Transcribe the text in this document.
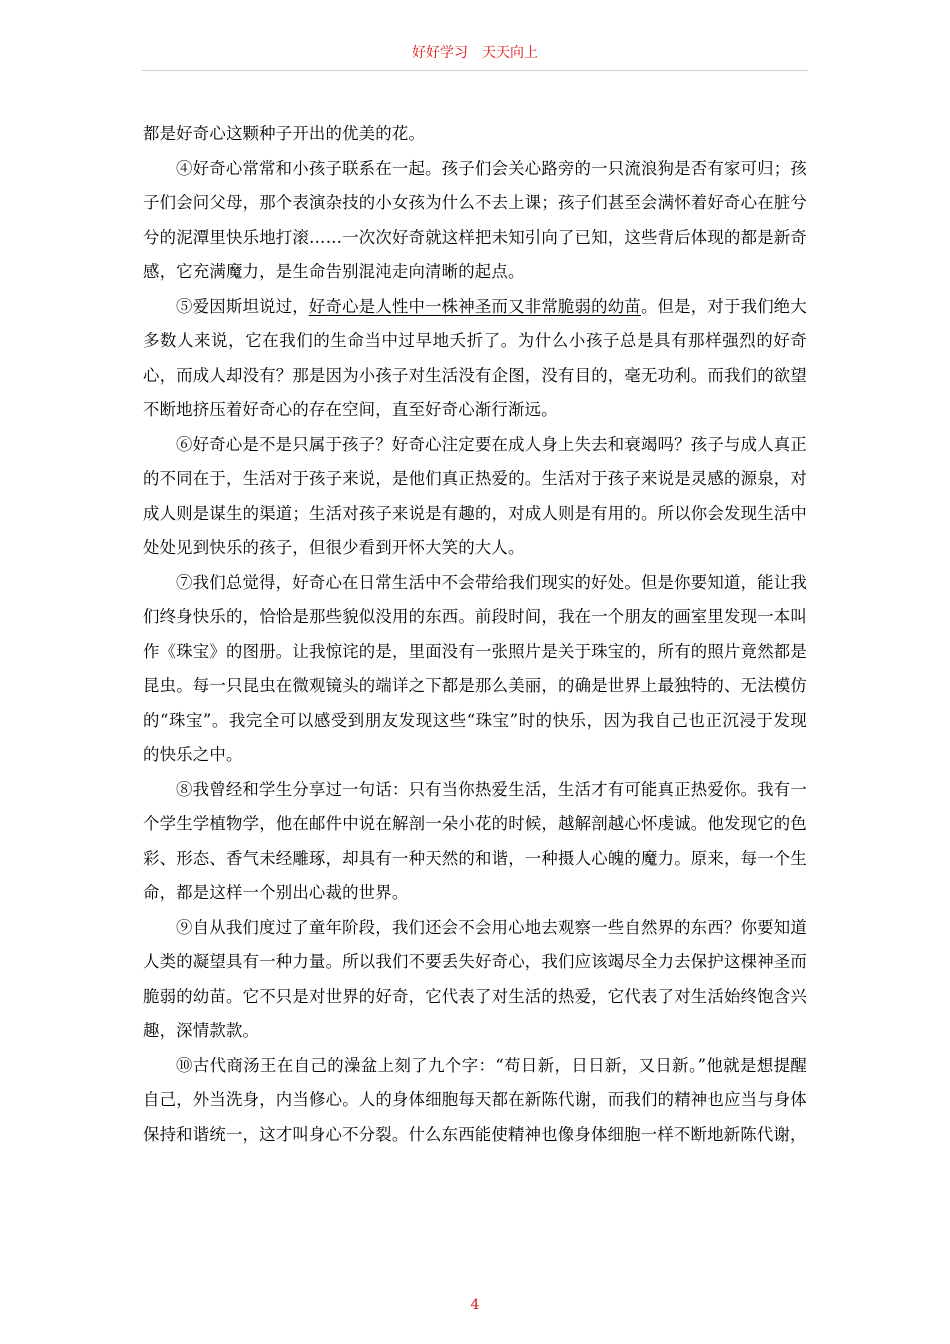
好好学习　天天向上

都是好奇心这颗种子开出的优美的花。

④好奇心常常和小孩子联系在一起。孩子们会关心路旁的一只流浪狗是否有家可归；孩子们会问父母，那个表演杂技的小女孩为什么不去上课；孩子们甚至会满怀着好奇心在脏兮兮的泥潭里快乐地打滚……一次次好奇就这样把未知引向了已知，这些背后体现的都是新奇感，它充满魔力，是生命告别混沌走向清晰的起点。

⑤爱因斯坦说过，好奇心是人性中一株神圣而又非常脆弱的幼苗。但是，对于我们绝大多数人来说，它在我们的生命当中过早地夭折了。为什么小孩子总是具有那样强烈的好奇心，而成人却没有？那是因为小孩子对生活没有企图，没有目的，毫无功利。而我们的欲望不断地挤压着好奇心的存在空间，直至好奇心渐行渐远。

⑥好奇心是不是只属于孩子？好奇心注定要在成人身上失去和衰竭吗？孩子与成人真正的不同在于，生活对于孩子来说，是他们真正热爱的。生活对于孩子来说是灵感的源泉，对成人则是谋生的渠道；生活对孩子来说是有趣的，对成人则是有用的。所以你会发现生活中处处见到快乐的孩子，但很少看到开怀大笑的大人。

⑦我们总觉得，好奇心在日常生活中不会带给我们现实的好处。但是你要知道，能让我们终身快乐的，恰恰是那些貌似没用的东西。前段时间，我在一个朋友的画室里发现一本叫作《珠宝》的图册。让我惊诧的是，里面没有一张照片是关于珠宝的，所有的照片竟然都是昆虫。每一只昆虫在微观镜头的端详之下都是那么美丽，的确是世界上最独特的、无法模仿的“珠宝”。我完全可以感受到朋友发现这些“珠宝”时的快乐，因为我自己也正沉浸于发现的快乐之中。

⑧我曾经和学生分享过一句话：只有当你热爱生活，生活才有可能真正热爱你。我有一个学生学植物学，他在邮件中说在解剖一朵小花的时候，越解剖越心怀虔诚。他发现它的色彩、形态、香气未经雕琢，却具有一种天然的和谐，一种摄人心魄的魔力。原来，每一个生命，都是这样一个别出心裁的世界。

⑨自从我们度过了童年阶段，我们还会不会用心地去观察一些自然界的东西？你要知道人类的凝望具有一种力量。所以我们不要丢失好奇心，我们应该竭尽全力去保护这棵神圣而脆弱的幼苗。它不只是对世界的好奇，它代表了对生活的热爱，它代表了对生活始终饱含兴趣，深情款款。

⑩古代商汤王在自己的澡盆上刻了九个字：“苟日新，日日新，又日新。”他就是想提醒自己，外当洗身，内当修心。人的身体细胞每天都在新陈代谢，而我们的精神也应当与身体保持和谐统一，这才叫身心不分裂。什么东西能使精神也像身体细胞一样不断地新陈代谢，

4
